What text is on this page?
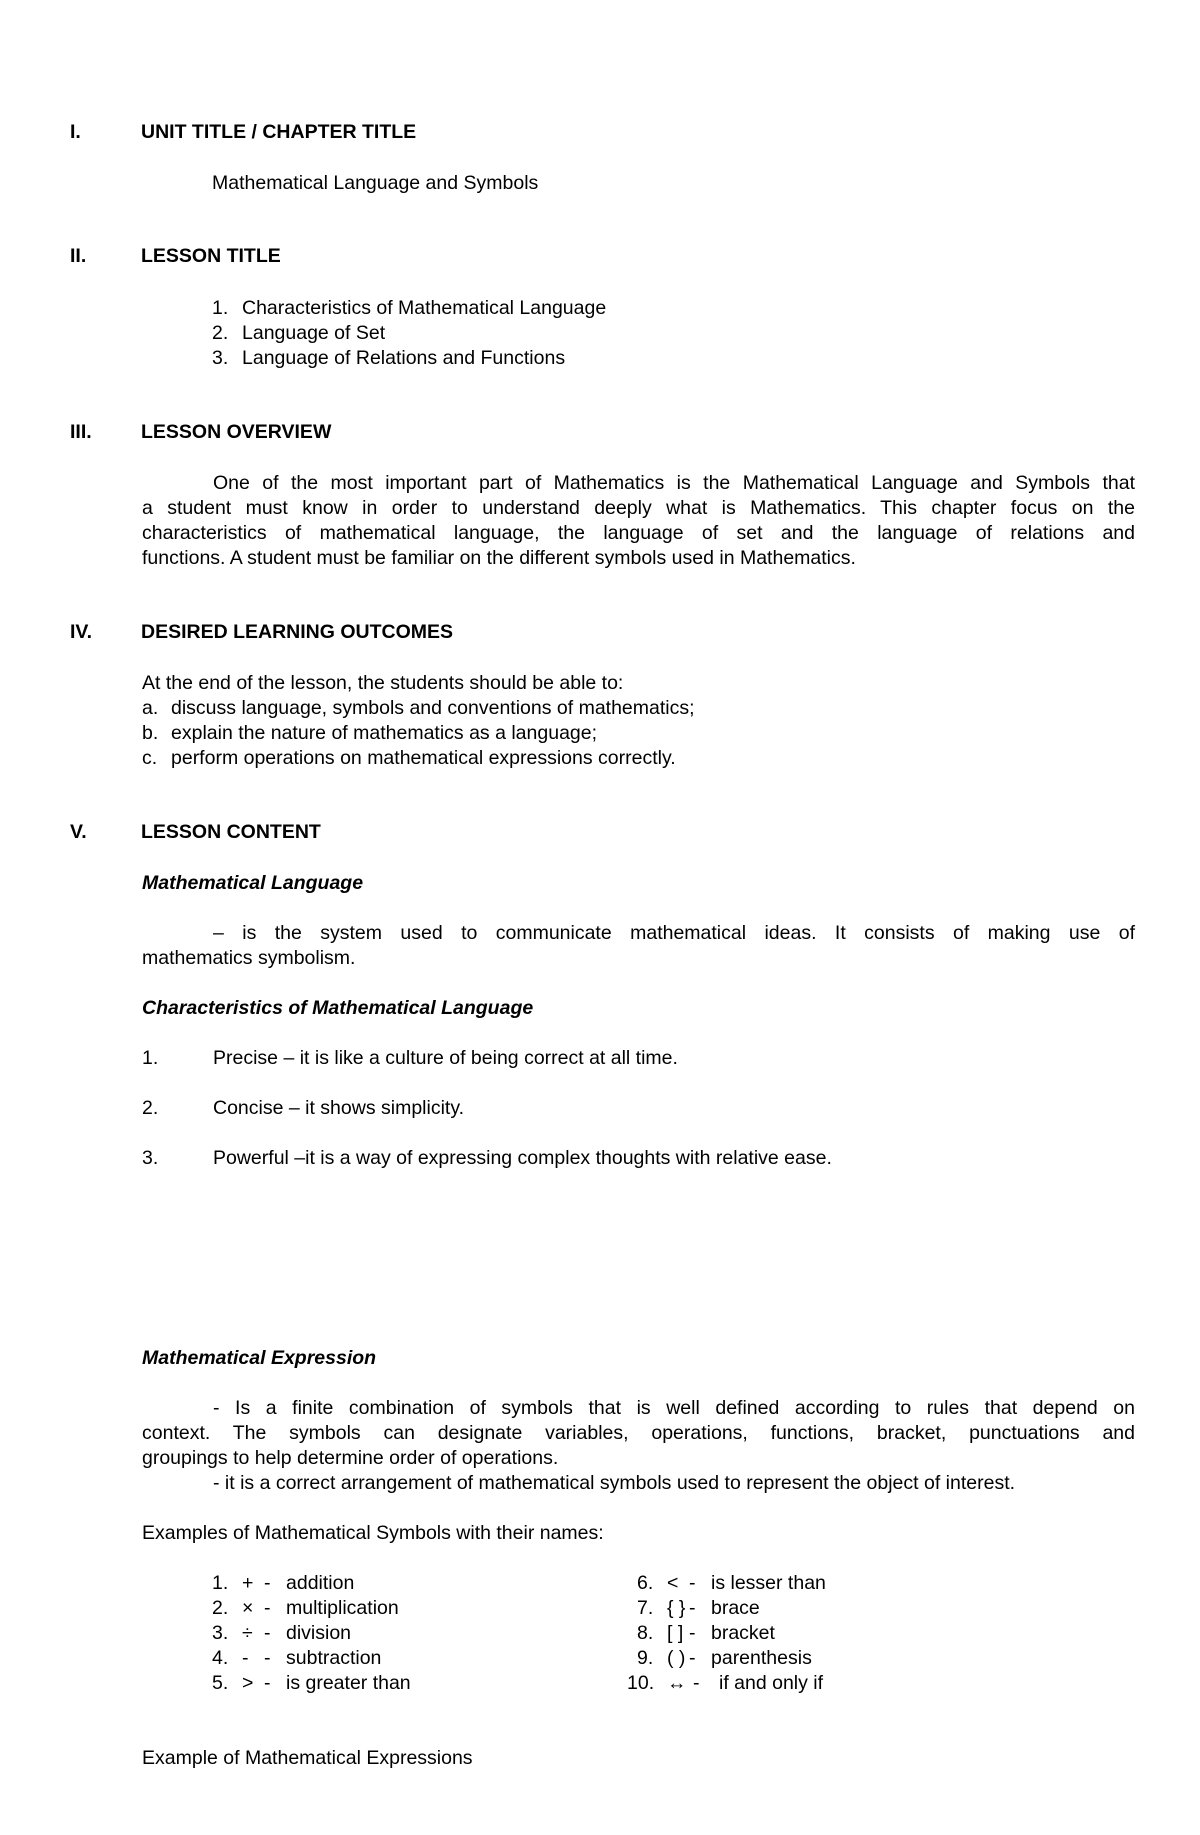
I.	UNIT TITLE / CHAPTER TITLE
Mathematical Language and Symbols
II.	LESSON TITLE
1. Characteristics of Mathematical Language
2. Language of Set
3. Language of Relations and Functions
III.	LESSON OVERVIEW
One of the most important part of Mathematics is the Mathematical Language and Symbols that
a student must know in order to understand deeply what is Mathematics. This chapter focus on the
characteristics of mathematical language, the language of set and the language of relations and
functions. A student must be familiar on the different symbols used in Mathematics.
IV.	DESIRED LEARNING OUTCOMES
At the end of the lesson, the students should be able to:
a. discuss language, symbols and conventions of mathematics;
b. explain the nature of mathematics as a language;
c. perform operations on mathematical expressions correctly.
V.	LESSON CONTENT
Mathematical Language
– is the system used to communicate mathematical ideas. It consists of making use of
mathematics symbolism.
Characteristics of Mathematical Language
1.	Precise – it is like a culture of being correct at all time.
2.	Concise – it shows simplicity.
3.	Powerful –it is a way of expressing complex thoughts with relative ease.
Mathematical Expression
- Is a finite combination of symbols that is well defined according to rules that depend on
context. The symbols can designate variables, operations, functions, bracket, punctuations and
groupings to help determine order of operations.
- it is a correct arrangement of mathematical symbols used to represent the object of interest.
Examples of Mathematical Symbols with their names:
1. + - addition
2. × - multiplication
3. ÷ - division
4. - - subtraction
5. > - is greater than
6. < - is lesser than
7. { } - brace
8. [ ] - bracket
9. ( ) - parenthesis
10. ↔ - if and only if
Example of Mathematical Expressions
